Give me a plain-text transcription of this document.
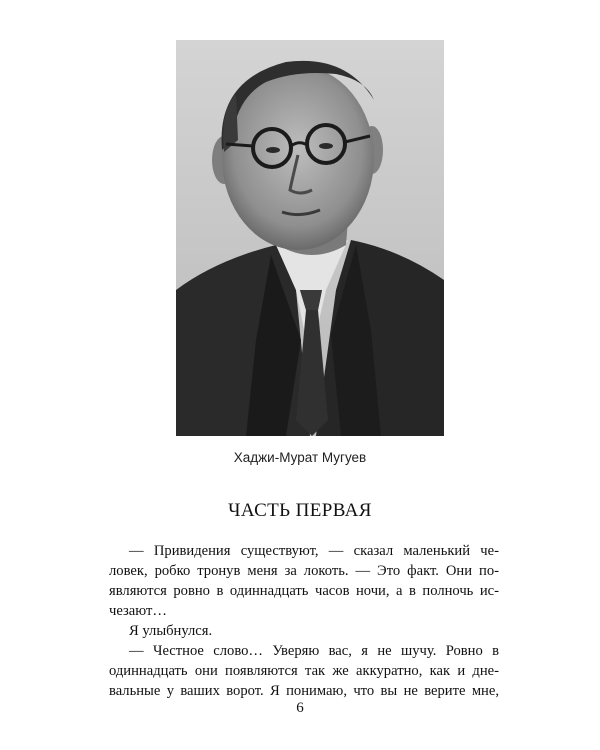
Хаджи-Мурат Мугуев
ЧАСТЬ ПЕРВАЯ
— Привидения существуют, — сказал маленький че-
ловек, робко тронув меня за локоть. — Это факт. Они по-
являются ровно в одиннадцать часов ночи, а в полночь ис-
чезают…
Я улыбнулся.
— Честное слово… Уверяю вас, я не шучу. Ровно в
одиннадцать они появляются так же аккуратно, как и днe-
вальные у ваших ворот. Я понимаю, что вы не верите мне,
6
